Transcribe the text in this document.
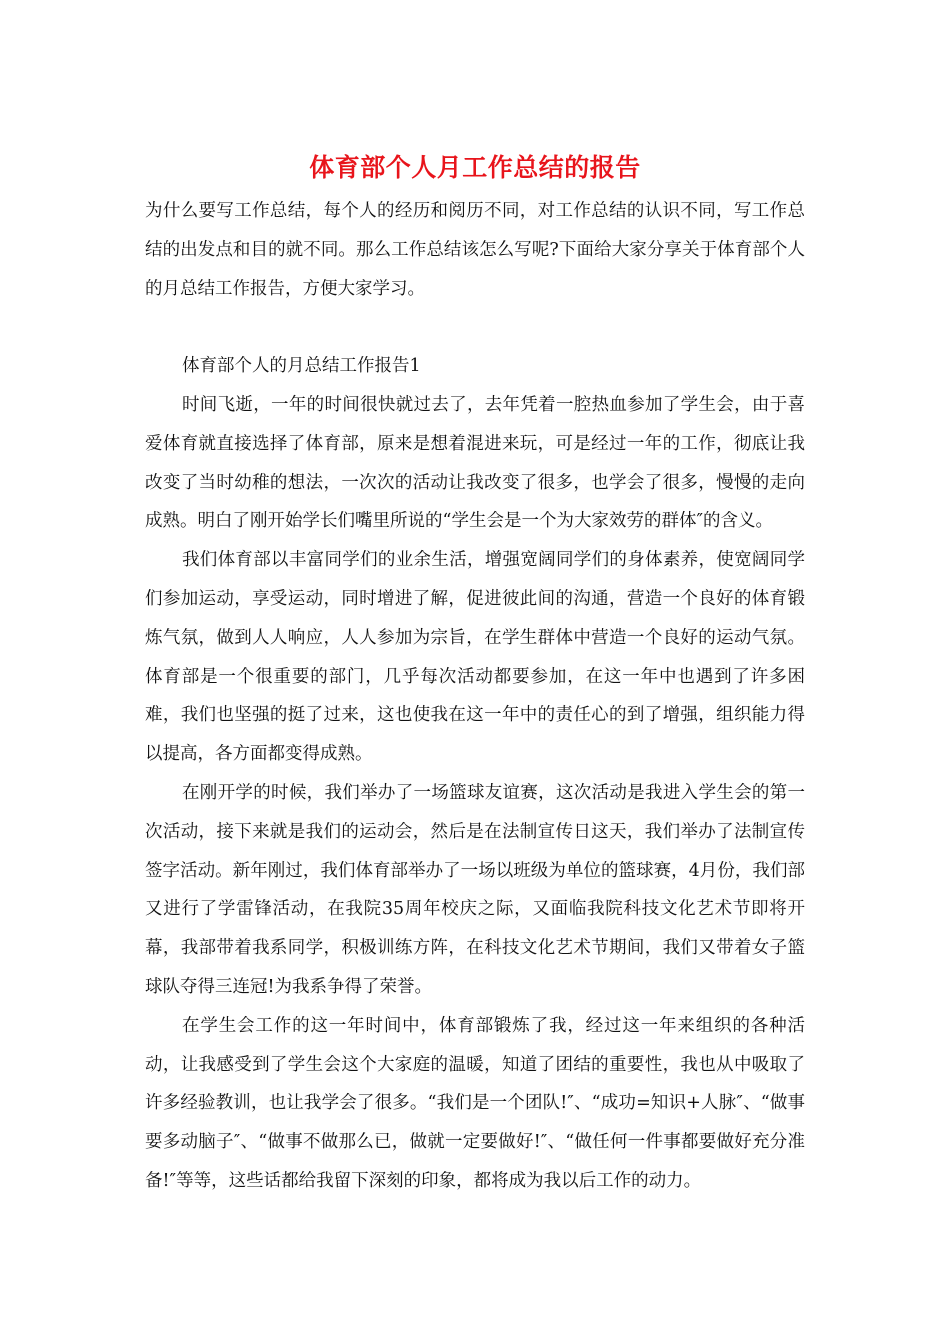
体育部个人月工作总结的报告

为什么要写工作总结，每个人的经历和阅历不同，对工作总结的认识不同，写工作总结的出发点和目的就不同。那么工作总结该怎么写呢?下面给大家分享关于体育部个人的月总结工作报告，方便大家学习。

体育部个人的月总结工作报告1

时间飞逝，一年的时间很快就过去了，去年凭着一腔热血参加了学生会，由于喜爱体育就直接选择了体育部，原来是想着混进来玩，可是经过一年的工作，彻底让我改变了当时幼稚的想法，一次次的活动让我改变了很多，也学会了很多，慢慢的走向成熟。明白了刚开始学长们嘴里所说的“学生会是一个为大家效劳的群体″的含义。

我们体育部以丰富同学们的业余生活，增强宽阔同学们的身体素养，使宽阔同学们参加运动，享受运动，同时增进了解，促进彼此间的沟通，营造一个良好的体育锻炼气氛，做到人人响应，人人参加为宗旨，在学生群体中营造一个良好的运动气氛。体育部是一个很重要的部门，几乎每次活动都要参加，在这一年中也遇到了许多困难，我们也坚强的挺了过来，这也使我在这一年中的责任心的到了增强，组织能力得以提高，各方面都变得成熟。

在刚开学的时候，我们举办了一场篮球友谊赛，这次活动是我进入学生会的第一次活动，接下来就是我们的运动会，然后是在法制宣传日这天，我们举办了法制宣传签字活动。新年刚过，我们体育部举办了一场以班级为单位的篮球赛，4月份，我们部又进行了学雷锋活动，在我院35周年校庆之际，又面临我院科技文化艺术节即将开幕，我部带着我系同学，积极训练方阵，在科技文化艺术节期间，我们又带着女子篮球队夺得三连冠!为我系争得了荣誉。

在学生会工作的这一年时间中，体育部锻炼了我，经过这一年来组织的各种活动，让我感受到了学生会这个大家庭的温暖，知道了团结的重要性，我也从中吸取了许多经验教训，也让我学会了很多。“我们是一个团队!″、“成功=知识+人脉″、“做事要多动脑子″、“做事不做那么已，做就一定要做好!″、“做任何一件事都要做好充分准备!″等等，这些话都给我留下深刻的印象，都将成为我以后工作的动力。
